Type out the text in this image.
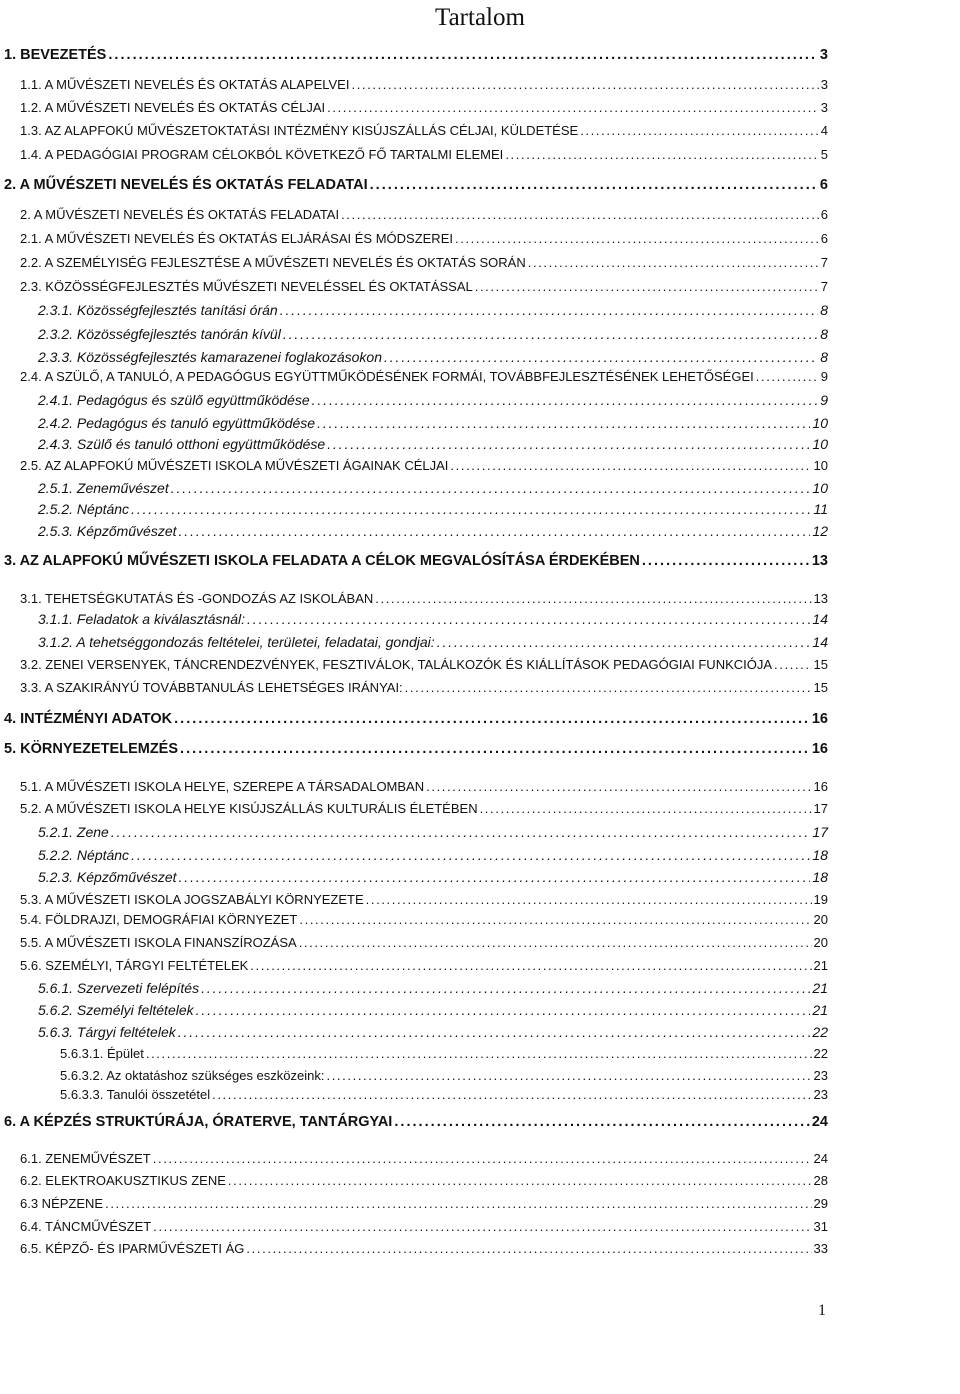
Tartalom
1. BEVEZETÉS . . .	3
1.1. A MŰVÉSZETI NEVELÉS ÉS OKTATÁS ALAPELVEI . . .	3
1.2. A MŰVÉSZETI NEVELÉS ÉS OKTATÁS CÉLJAI . . .	3
1.3. AZ ALAPFOKÚ MŰVÉSZETOKTATÁSI INTÉZMÉNY KISÚJSZÁLLÁS CÉLJAI, KÜLDETÉSE . . .	4
1.4. A PEDAGÓGIAI PROGRAM CÉLOKBÓL KÖVETKEZŐ FŐ TARTALMI ELEMEI . . .	5
2. A MŰVÉSZETI NEVELÉS ÉS OKTATÁS FELADATAI . . .	6
2. A MŰVÉSZETI NEVELÉS ÉS OKTATÁS FELADATAI . . .	6
2.1. A MŰVÉSZETI NEVELÉS ÉS OKTATÁS ELJÁRÁSAI ÉS MÓDSZEREI . . .	6
2.2. A SZEMÉLYISÉG FEJLESZTÉSE A MŰVÉSZETI NEVELÉS ÉS OKTATÁS SORÁN . . .	7
2.3. KÖZÖSSÉGFEJLESZTÉS MŰVÉSZETI NEVELÉSSEL ÉS OKTATÁSSAL . . .	7
2.3.1. Közösségfejlesztés tanítási órán . . .	8
2.3.2. Közösségfejlesztés tanórán kívül . . .	8
2.3.3. Közösségfejlesztés kamarazenei foglakozásokon . . .	8
2.4. A SZÜLŐ, A TANULÓ, A PEDAGÓGUS EGYÜTTMŰKÖDÉSÉNEK FORMÁI, TOVÁBBFEJLESZTÉSÉNEK LEHETŐSÉGEI . . .	9
2.4.1. Pedagógus és szülő együttműködése . . .	9
2.4.2. Pedagógus és tanuló együttműködése . . .	10
2.4.3. Szülő és tanuló otthoni együttműködése . . .	10
2.5. AZ ALAPFOKÚ MŰVÉSZETI ISKOLA MŰVÉSZETI ÁGAINAK CÉLJAI . . .	10
2.5.1. Zeneművészet . . .	10
2.5.2. Néptánc . . .	11
2.5.3. Képzőművészet . . .	12
3. AZ ALAPFOKÚ MŰVÉSZETI ISKOLA FELADATA A CÉLOK MEGVALÓSÍTÁSA ÉRDEKÉBEN . . .	13
3.1. TEHETSÉGKUTATÁS ÉS -GONDOZÁS AZ ISKOLÁBAN . . .	13
3.1.1. Feladatok a kiválasztásnál: . . .	14
3.1.2. A tehetséggondozás feltételei, területei, feladatai, gondjai: . . .	14
3.2. ZENEI VERSENYEK, TÁNCRENDEZVÉNYEK, FESZTIVÁLOK, TALÁLKOZÓK ÉS KIÁLLÍTÁSOK PEDAGÓGIAI FUNKCIÓJA . . .	15
3.3. A SZAKIRÁNYÚ TOVÁBBTANULÁS LEHETSÉGES IRÁNYAI: . . .	15
4. INTÉZMÉNYI ADATOK . . .	16
5. KÖRNYEZETELEMZÉS . . .	16
5.1. A MŰVÉSZETI ISKOLA HELYE, SZEREPE A TÁRSADALOMBAN . . .	16
5.2. A MŰVÉSZETI ISKOLA HELYE KISÚJSZÁLLÁS KULTURÁLIS ÉLETÉBEN . . .	17
5.2.1. Zene . . .	17
5.2.2. Néptánc . . .	18
5.2.3. Képzőművészet . . .	18
5.3. A MŰVÉSZETI ISKOLA JOGSZABÁLYI KÖRNYEZETE . . .	19
5.4. FÖLDRAJZI, DEMOGRÁFIAI KÖRNYEZET . . .	20
5.5. A MŰVÉSZETI ISKOLA FINANSZÍROZÁSA . . .	20
5.6. SZEMÉLYI, TÁRGYI FELTÉTELEK . . .	21
5.6.1. Szervezeti felépítés . . .	21
5.6.2. Személyi feltételek . . .	21
5.6.3. Tárgyi feltételek . . .	22
5.6.3.1. Épület . . .	22
5.6.3.2. Az oktatáshoz szükséges eszközeink: . . .	23
5.6.3.3. Tanulói összetétel . . .	23
6. A KÉPZÉS STRUKTÚRÁJA, ÓRATERVE, TANTÁRGYAI . . .	24
6.1. ZENEMŰVÉSZET . . .	24
6.2. ELEKTROAKUSZTIKUS ZENE . . .	28
6.3 NÉPZENE . . .	29
6.4. TÁNCMŰVÉSZET . . .	31
6.5. KÉPZŐ- ÉS IPARMŰVÉSZETI ÁG . . .	33
1
